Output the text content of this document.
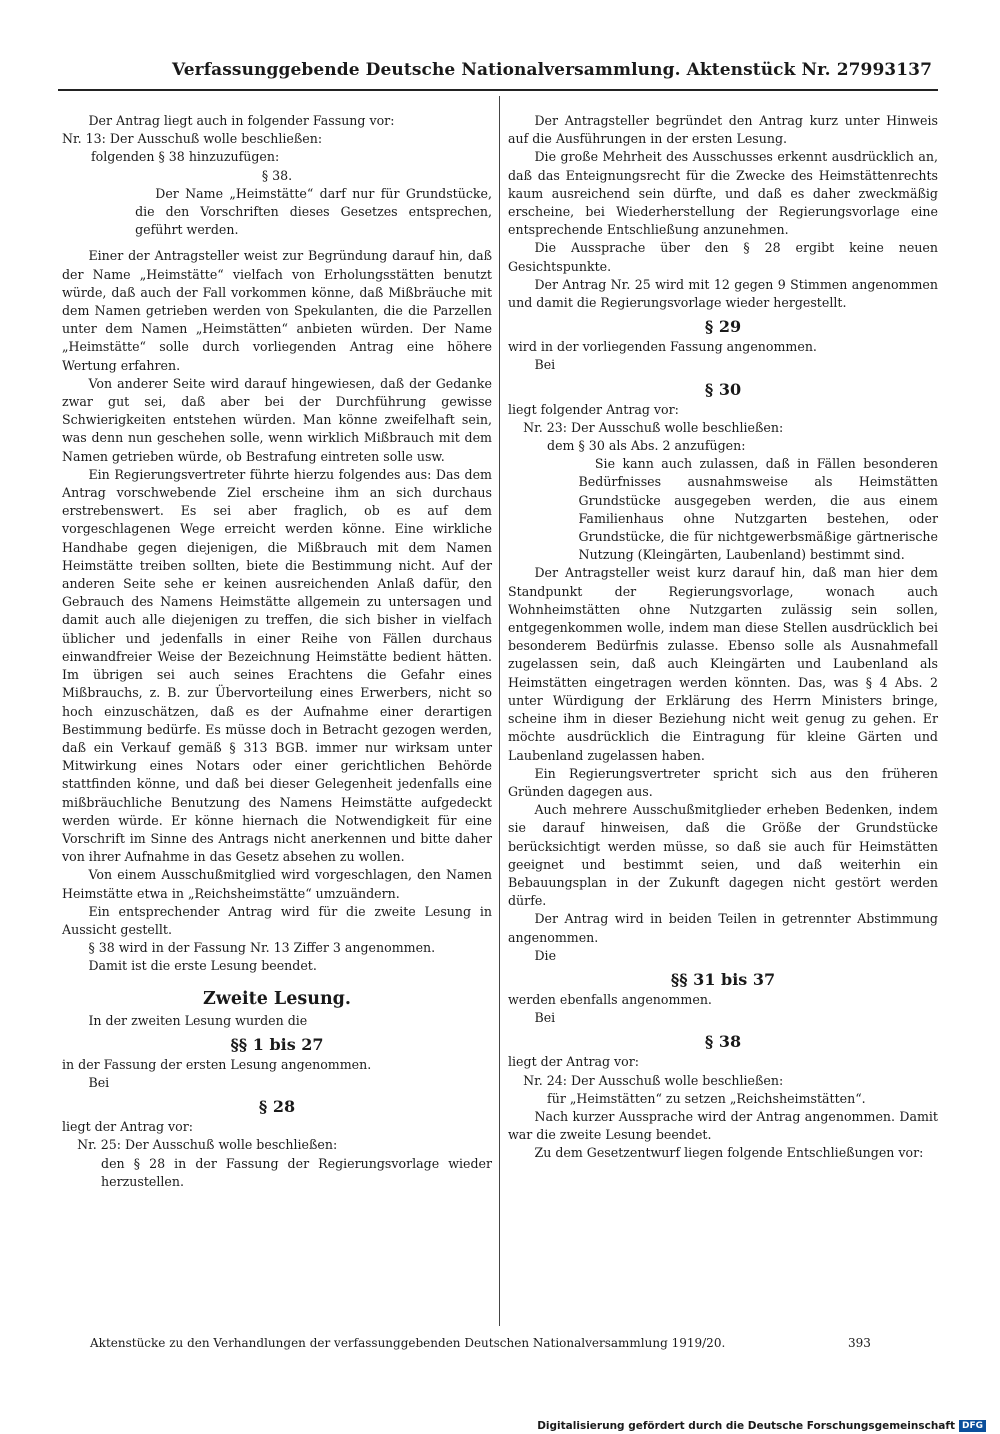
Verfassunggebende Deutsche Nationalversammlung. Aktenstück Nr. 2799.
3137

Der Antrag liegt auch in folgender Fassung vor:

Nr. 13: Der Ausschuß wolle beschließen:

folgenden § 38 hinzuzufügen:

§ 38.

Der Name „Heimstätte“ darf nur für Grundstücke, die den Vorschriften dieses Gesetzes entsprechen, geführt werden.

Einer der Antragsteller weist zur Begründung darauf hin, daß der Name „Heimstätte“ vielfach von Erholungsstätten benutzt würde, daß auch der Fall vorkommen könne, daß Mißbräuche mit dem Namen getrieben werden von Spekulanten, die die Parzellen unter dem Namen „Heimstätten“ anbieten würden. Der Name „Heimstätte“ solle durch vorliegenden Antrag eine höhere Wertung erfahren.

Von anderer Seite wird darauf hingewiesen, daß der Gedanke zwar gut sei, daß aber bei der Durchführung gewisse Schwierigkeiten entstehen würden. Man könne zweifelhaft sein, was denn nun geschehen solle, wenn wirklich Mißbrauch mit dem Namen getrieben würde, ob Bestrafung eintreten solle usw.

Ein Regierungsvertreter führte hierzu folgendes aus: Das dem Antrag vorschwebende Ziel erscheine ihm an sich durchaus erstrebenswert. Es sei aber fraglich, ob es auf dem vorgeschlagenen Wege erreicht werden könne. Eine wirkliche Handhabe gegen diejenigen, die Mißbrauch mit dem Namen Heimstätte treiben sollten, biete die Bestimmung nicht. Auf der anderen Seite sehe er keinen ausreichenden Anlaß dafür, den Gebrauch des Namens Heimstätte allgemein zu untersagen und damit auch alle diejenigen zu treffen, die sich bisher in vielfach üblicher und jedenfalls in einer Reihe von Fällen durchaus einwandfreier Weise der Bezeichnung Heimstätte bedient hätten. Im übrigen sei auch seines Erachtens die Gefahr eines Mißbrauchs, z. B. zur Übervorteilung eines Erwerbers, nicht so hoch einzuschätzen, daß es der Aufnahme einer derartigen Bestimmung bedürfe. Es müsse doch in Betracht gezogen werden, daß ein Verkauf gemäß § 313 BGB. immer nur wirksam unter Mitwirkung eines Notars oder einer gerichtlichen Behörde stattfinden könne, und daß bei dieser Gelegenheit jedenfalls eine mißbräuchliche Benutzung des Namens Heimstätte aufgedeckt werden würde. Er könne hiernach die Notwendigkeit für eine Vorschrift im Sinne des Antrags nicht anerkennen und bitte daher von ihrer Aufnahme in das Gesetz absehen zu wollen.

Von einem Ausschußmitglied wird vorgeschlagen, den Namen Heimstätte etwa in „Reichsheimstätte“ umzuändern.

Ein entsprechender Antrag wird für die zweite Lesung in Aussicht gestellt.

§ 38 wird in der Fassung Nr. 13 Ziffer 3 angenommen.

Damit ist die erste Lesung beendet.

Zweite Lesung.

In der zweiten Lesung wurden die

§§ 1 bis 27

in der Fassung der ersten Lesung angenommen.

Bei

§ 28

liegt der Antrag vor:

Nr. 25: Der Ausschuß wolle beschließen:

den § 28 in der Fassung der Regierungsvorlage wieder herzustellen.

Der Antragsteller begründet den Antrag kurz unter Hinweis auf die Ausführungen in der ersten Lesung.

Die große Mehrheit des Ausschusses erkennt ausdrücklich an, daß das Enteignungsrecht für die Zwecke des Heimstättenrechts kaum ausreichend sein dürfte, und daß es daher zweckmäßig erscheine, bei Wiederherstellung der Regierungsvorlage eine entsprechende Entschließung anzunehmen.

Die Aussprache über den § 28 ergibt keine neuen Gesichtspunkte.

Der Antrag Nr. 25 wird mit 12 gegen 9 Stimmen angenommen und damit die Regierungsvorlage wieder hergestellt.

§ 29

wird in der vorliegenden Fassung angenommen.

Bei

§ 30

liegt folgender Antrag vor:

Nr. 23: Der Ausschuß wolle beschließen:

dem § 30 als Abs. 2 anzufügen:

Sie kann auch zulassen, daß in Fällen besonderen Bedürfnisses ausnahmsweise als Heimstätten Grundstücke ausgegeben werden, die aus einem Familienhaus ohne Nutzgarten bestehen, oder Grundstücke, die für nichtgewerbsmäßige gärtnerische Nutzung (Kleingärten, Laubenland) bestimmt sind.

Der Antragsteller weist kurz darauf hin, daß man hier dem Standpunkt der Regierungsvorlage, wonach auch Wohnheimstätten ohne Nutzgarten zulässig sein sollen, entgegenkommen wolle, indem man diese Stellen ausdrücklich bei besonderem Bedürfnis zulasse. Ebenso solle als Ausnahmefall zugelassen sein, daß auch Kleingärten und Laubenland als Heimstätten eingetragen werden könnten. Das, was § 4 Abs. 2 unter Würdigung der Erklärung des Herrn Ministers bringe, scheine ihm in dieser Beziehung nicht weit genug zu gehen. Er möchte ausdrücklich die Eintragung für kleine Gärten und Laubenland zugelassen haben.

Ein Regierungsvertreter spricht sich aus den früheren Gründen dagegen aus.

Auch mehrere Ausschußmitglieder erheben Bedenken, indem sie darauf hinweisen, daß die Größe der Grundstücke berücksichtigt werden müsse, so daß sie auch für Heimstätten geeignet und bestimmt seien, und daß weiterhin ein Bebauungsplan in der Zukunft dagegen nicht gestört werden dürfe.

Der Antrag wird in beiden Teilen in getrennter Abstimmung angenommen.

Die

§§ 31 bis 37

werden ebenfalls angenommen.

Bei

§ 38

liegt der Antrag vor:

Nr. 24: Der Ausschuß wolle beschließen:

für „Heimstätten“ zu setzen „Reichsheimstätten“.

Nach kurzer Aussprache wird der Antrag angenommen. Damit war die zweite Lesung beendet.

Zu dem Gesetzentwurf liegen folgende Entschließungen vor:

Aktenstücke zu den Verhandlungen der verfassunggebenden Deutschen Nationalversammlung 1919/20.	393
Digitalisierung gefördert durch die Deutsche Forschungsgemeinschaft DFG
